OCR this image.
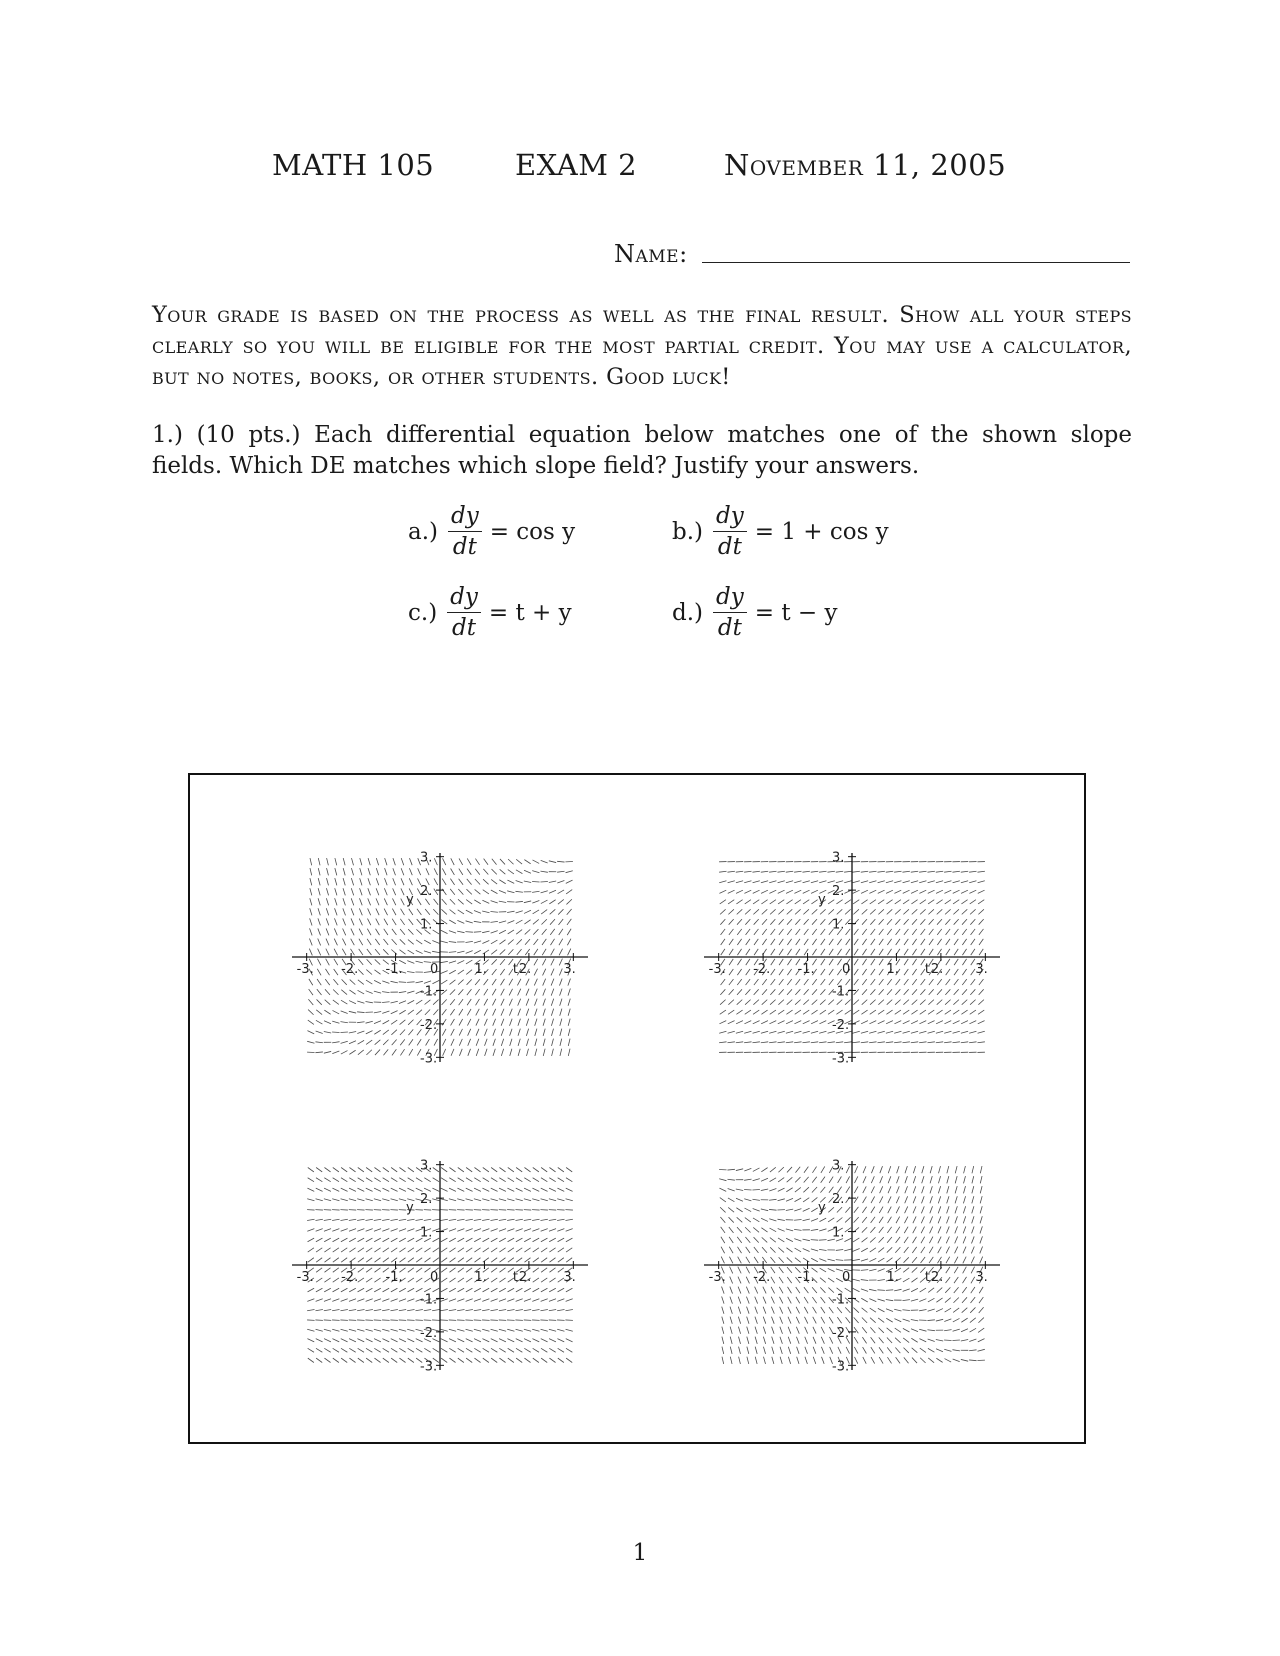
MATH 105	EXAM 2	November 11, 2005
Name:
Your grade is based on the process as well as the final result. Show all your steps clearly so you will be eligible for the most partial credit. You may use a calculator, but no notes, books, or other students. Good luck!
1.) (10 pts.) Each differential equation below matches one of the shown slope fields. Which DE matches which slope field? Justify your answers.
$a.) \frac{dy}{dt} = \cos y$	$b.) \frac{dy}{dt} = 1 + \cos y$
$c.) \frac{dy}{dt} = t + y$	$d.) \frac{dy}{dt} = t - y$
-3. -2. -1. 0	1. 2. 3.
3.
2.
1.
-1.
-2.
-3.
t
y
-3. -2. -1. 0	1. 2. 3.
3.
2.
1.
-1.
-2.
-3.
t
y
-3. -2. -1. 0	1. 2. 3.
3.
2.
1.
-1.
-2.
-3.
t
y
-3. -2. -1. 0	1. 2. 3.
3.
2.
1.
-1.
-2.
-3.
t
y
1
